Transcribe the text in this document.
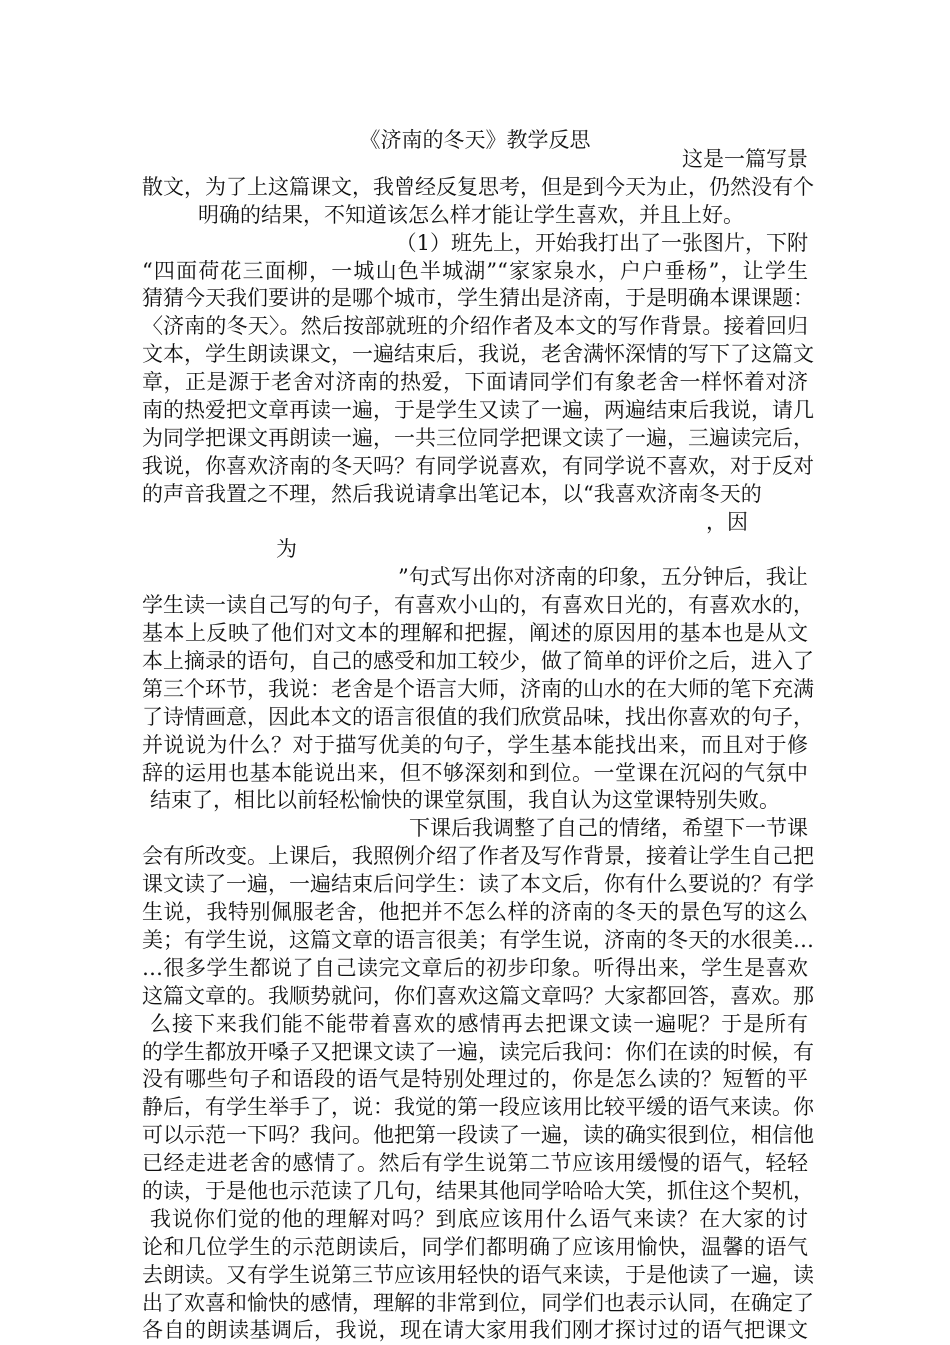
《济南的冬天》教学反思
这是一篇写景
散文，为了上这篇课文，我曾经反复思考，但是到今天为止，仍然没有个
明确的结果，不知道该怎么样才能让学生喜欢，并且上好。
（1）班先上，开始我打出了一张图片，下附
“四面荷花三面柳，一城山色半城湖”“家家泉水，户户垂杨”，让学生
猜猜今天我们要讲的是哪个城市，学生猜出是济南，于是明确本课课题：
〈济南的冬天〉。然后按部就班的介绍作者及本文的写作背景。接着回归
文本，学生朗读课文，一遍结束后，我说，老舍满怀深情的写下了这篇文
章，正是源于老舍对济南的热爱，下面请同学们有象老舍一样怀着对济
南的热爱把文章再读一遍，于是学生又读了一遍，两遍结束后我说，请几
为同学把课文再朗读一遍，一共三位同学把课文读了一遍，三遍读完后，
我说，你喜欢济南的冬天吗？有同学说喜欢，有同学说不喜欢，对于反对
的声音我置之不理，然后我说请拿出笔记本，以“我喜欢济南冬天的
，因
为
”句式写出你对济南的印象，五分钟后，我让
学生读一读自己写的句子，有喜欢小山的，有喜欢日光的，有喜欢水的，
基本上反映了他们对文本的理解和把握，阐述的原因用的基本也是从文
本上摘录的语句，自己的感受和加工较少，做了简单的评价之后，进入了
第三个环节，我说：老舍是个语言大师，济南的山水的在大师的笔下充满
了诗情画意，因此本文的语言很值的我们欣赏品味，找出你喜欢的句子，
并说说为什么？对于描写优美的句子，学生基本能找出来，而且对于修
辞的运用也基本能说出来，但不够深刻和到位。一堂课在沉闷的气氛中
结束了，相比以前轻松愉快的课堂氛围，我自认为这堂课特别失败。
下课后我调整了自己的情绪，希望下一节课
会有所改变。上课后，我照例介绍了作者及写作背景，接着让学生自己把
课文读了一遍，一遍结束后问学生：读了本文后，你有什么要说的？有学
生说，我特别佩服老舍，他把并不怎么样的济南的冬天的景色写的这么
美；有学生说，这篇文章的语言很美；有学生说，济南的冬天的水很美…
…很多学生都说了自己读完文章后的初步印象。听得出来，学生是喜欢
这篇文章的。我顺势就问，你们喜欢这篇文章吗？大家都回答，喜欢。那
么接下来我们能不能带着喜欢的感情再去把课文读一遍呢？于是所有
的学生都放开嗓子又把课文读了一遍，读完后我问：你们在读的时候，有
没有哪些句子和语段的语气是特别处理过的，你是怎么读的？短暂的平
静后，有学生举手了，说：我觉的第一段应该用比较平缓的语气来读。你
可以示范一下吗？我问。他把第一段读了一遍，读的确实很到位，相信他
已经走进老舍的感情了。然后有学生说第二节应该用缓慢的语气，轻轻
的读，于是他也示范读了几句，结果其他同学哈哈大笑，抓住这个契机，
我说你们觉的他的理解对吗？到底应该用什么语气来读？在大家的讨
论和几位学生的示范朗读后，同学们都明确了应该用愉快，温馨的语气
去朗读。又有学生说第三节应该用轻快的语气来读，于是他读了一遍，读
出了欢喜和愉快的感情，理解的非常到位，同学们也表示认同，在确定了
各自的朗读基调后，我说，现在请大家用我们刚才探讨过的语气把课文
